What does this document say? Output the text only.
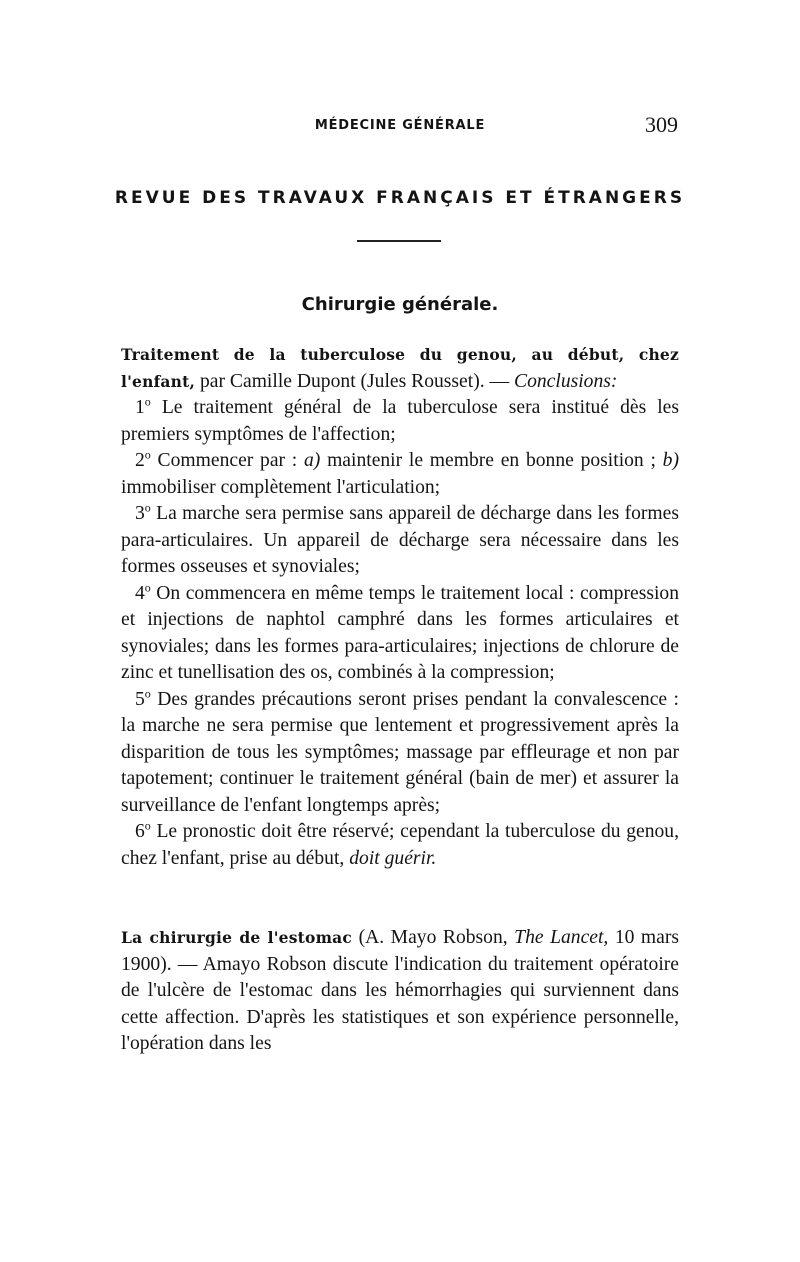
MÉDECINE GÉNÉRALE	309
REVUE DES TRAVAUX FRANÇAIS ET ÉTRANGERS
Chirurgie générale.

Traitement de la tuberculose du genou, au début, chez l'enfant, par Camille Dupont (Jules Rousset). — Conclusions:

1$^o$ Le traitement général de la tuberculose sera institué dès les premiers symptômes de l'affection;

2$^o$ Commencer par : a) maintenir le membre en bonne position ; b) immobiliser complètement l'articulation;

3$^o$ La marche sera permise sans appareil de décharge dans les formes para-articulaires. Un appareil de décharge sera nécessaire dans les formes osseuses et synoviales;

4$^o$ On commencera en même temps le traitement local : compression et injections de naphtol camphré dans les formes articulaires et synoviales; dans les formes para-articulaires; injections de chlorure de zinc et tunellisation des os, combinés à la compression;

5$^o$ Des grandes précautions seront prises pendant la convalescence : la marche ne sera permise que lentement et progressivement après la disparition de tous les symptômes; massage par effleurage et non par tapotement; continuer le traitement général (bain de mer) et assurer la surveillance de l'enfant longtemps après;

6$^o$ Le pronostic doit être réservé; cependant la tuberculose du genou, chez l'enfant, prise au début, doit guérir.

La chirurgie de l'estomac (A. Mayo Robson, The Lancet, 10 mars 1900). — Amayo Robson discute l'indication du traitement opératoire de l'ulcère de l'estomac dans les hémorrhagies qui surviennent dans cette affection. D'après les statistiques et son expérience personnelle, l'opération dans les
